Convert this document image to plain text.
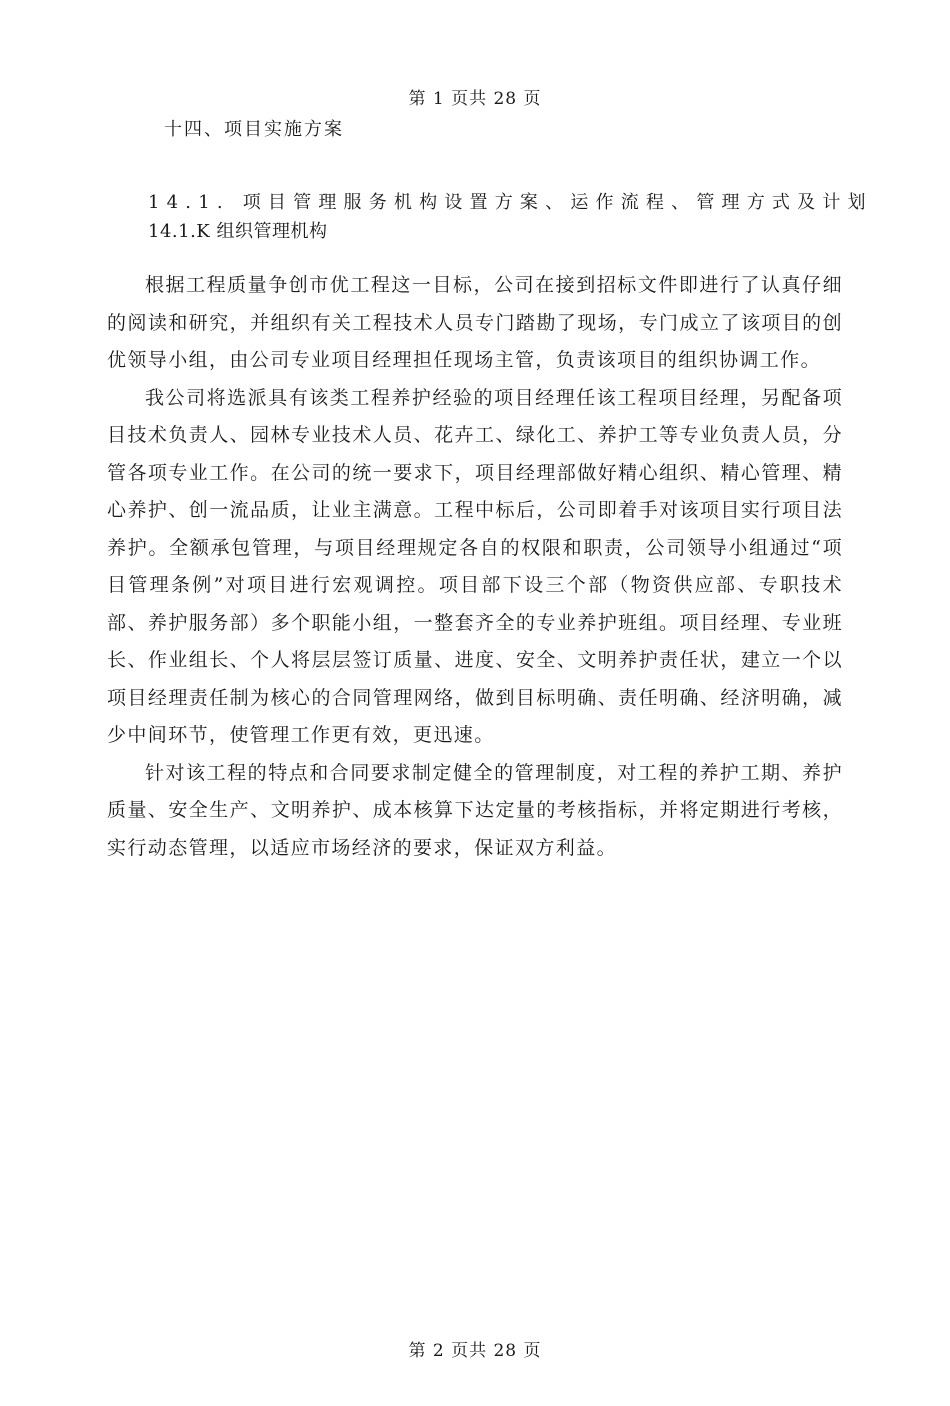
第 1 页共 28 页
十四、项目实施方案
14.1. 项目管理服务机构设置方案、运作流程、管理方式及计划
14.1.K 组织管理机构

根据工程质量争创市优工程这一目标，公司在接到招标文件即进行了认真仔细的阅读和研究，并组织有关工程技术人员专门踏勘了现场，专门成立了该项目的创优领导小组，由公司专业项目经理担任现场主管，负责该项目的组织协调工作。

我公司将选派具有该类工程养护经验的项目经理任该工程项目经理，另配备项目技术负责人、园林专业技术人员、花卉工、绿化工、养护工等专业负责人员，分管各项专业工作。在公司的统一要求下，项目经理部做好精心组织、精心管理、精心养护、创一流品质，让业主满意。工程中标后，公司即着手对该项目实行项目法养护。全额承包管理，与项目经理规定各自的权限和职责，公司领导小组通过“项目管理条例”对项目进行宏观调控。项目部下设三个部（物资供应部、专职技术部、养护服务部）多个职能小组，一整套齐全的专业养护班组。项目经理、专业班长、作业组长、个人将层层签订质量、进度、安全、文明养护责任状，建立一个以项目经理责任制为核心的合同管理网络，做到目标明确、责任明确、经济明确，减少中间环节，使管理工作更有效，更迅速。

针对该工程的特点和合同要求制定健全的管理制度，对工程的养护工期、养护质量、安全生产、文明养护、成本核算下达定量的考核指标，并将定期进行考核，实行动态管理，以适应市场经济的要求，保证双方利益。

第 2 页共 28 页
